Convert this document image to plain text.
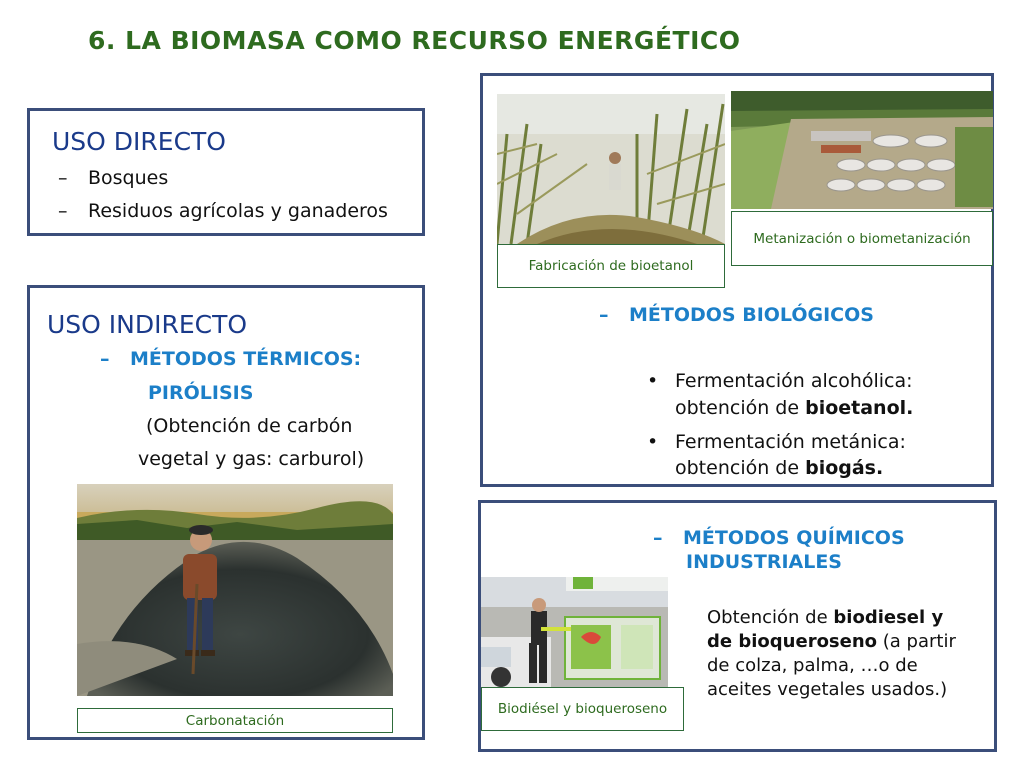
6. LA BIOMASA COMO RECURSO ENERGÉTICO
USO DIRECTO
– Bosques
– Residuos agrícolas y ganaderos
USO INDIRECTO
– MÉTODOS TÉRMICOS:
PIRÓLISIS
(Obtención de carbón
vegetal y gas: carburol)
Carbonatación
Fabricación de bioetanol
Metanización o biometanización
– MÉTODOS BIOLÓGICOS
• Fermentación alcohólica:
obtención de bioetanol.
• Fermentación metánica:
obtención de biogás.
– MÉTODOS QUÍMICOS
INDUSTRIALES
Biodiésel y bioqueroseno
Obtención de biodiesel y
de bioqueroseno (a partir
de colza, palma, …o de
aceites vegetales usados.)
